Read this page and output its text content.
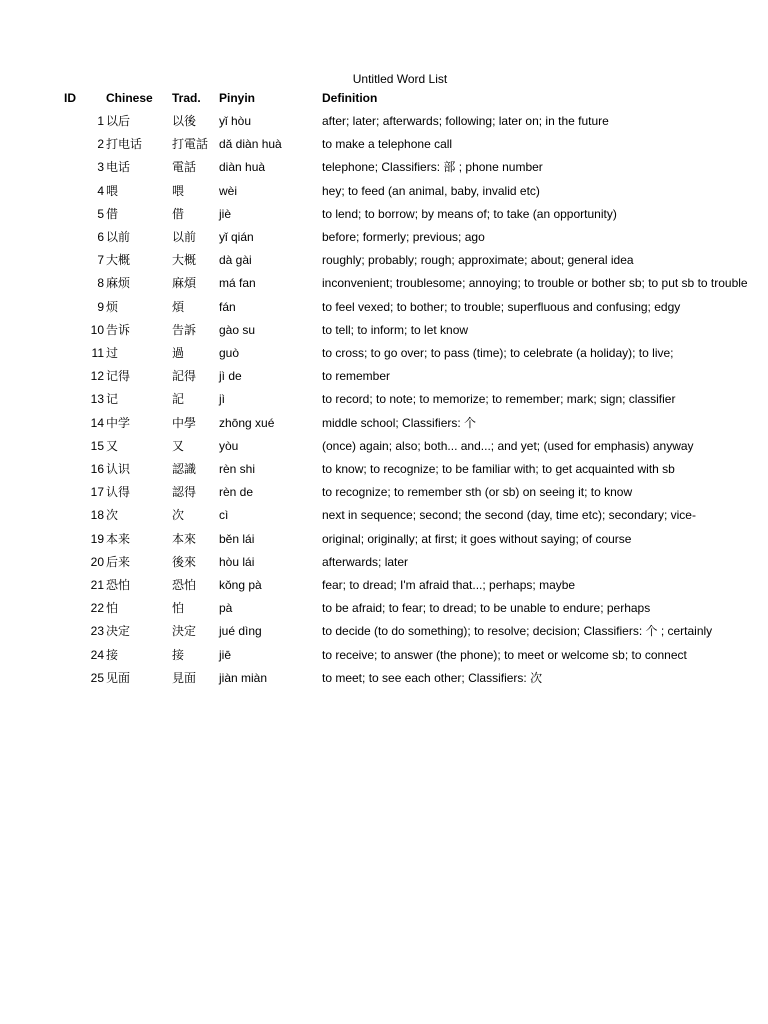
Untitled Word List
ID	Chinese	Trad.	Pinyin	Definition
1 以后	以後	yǐ hòu	after; later; afterwards; following; later on; in the future
2 打电话	打電話 dǎ diàn huà	to make a telephone call
3 电话	電話	diàn huà	telephone; Classifiers: 部 ; phone number
4 喂	喂	wèi	hey; to feed (an animal, baby, invalid etc)
5 借	借	jiè	to lend; to borrow; by means of; to take (an opportunity)
6 以前	以前	yǐ qián	before; formerly; previous; ago
7 大概	大概	dà gài	roughly; probably; rough; approximate; about; general idea
8 麻烦	麻煩	má fan	inconvenient; troublesome; annoying; to trouble or bother sb; to put sb to trouble
9 烦	煩	fán	to feel vexed; to bother; to trouble; superfluous and confusing; edgy
10 告诉	告訴	gào su	to tell; to inform; to let know
11 过	過	guò	to cross; to go over; to pass (time); to celebrate (a holiday); to live;
12 记得	記得	jì de	to remember
13 记	記	jì	to record; to note; to memorize; to remember; mark; sign; classifier
14 中学	中學	zhōng xué	middle school; Classifiers: 个
15 又	又	yòu	(once) again; also; both... and...; and yet; (used for emphasis) anyway
16 认识	認識	rèn shi	to know; to recognize; to be familiar with; to get acquainted with sb
17 认得	認得	rèn de	to recognize; to remember sth (or sb) on seeing it; to know
18 次	次	cì	next in sequence; second; the second (day, time etc); secondary; vice-
19 本来	本來	běn lái	original; originally; at first; it goes without saying; of course
20 后来	後來	hòu lái	afterwards; later
21 恐怕	恐怕	kǒng pà	fear; to dread; I'm afraid that...; perhaps; maybe
22 怕	怕	pà	to be afraid; to fear; to dread; to be unable to endure; perhaps
23 决定	決定	jué dìng	to decide (to do something); to resolve; decision; Classifiers: 个 ; certainly
24 接	接	jiē	to receive; to answer (the phone); to meet or welcome sb; to connect
25 见面	見面	jiàn miàn	to meet; to see each other; Classifiers: 次
